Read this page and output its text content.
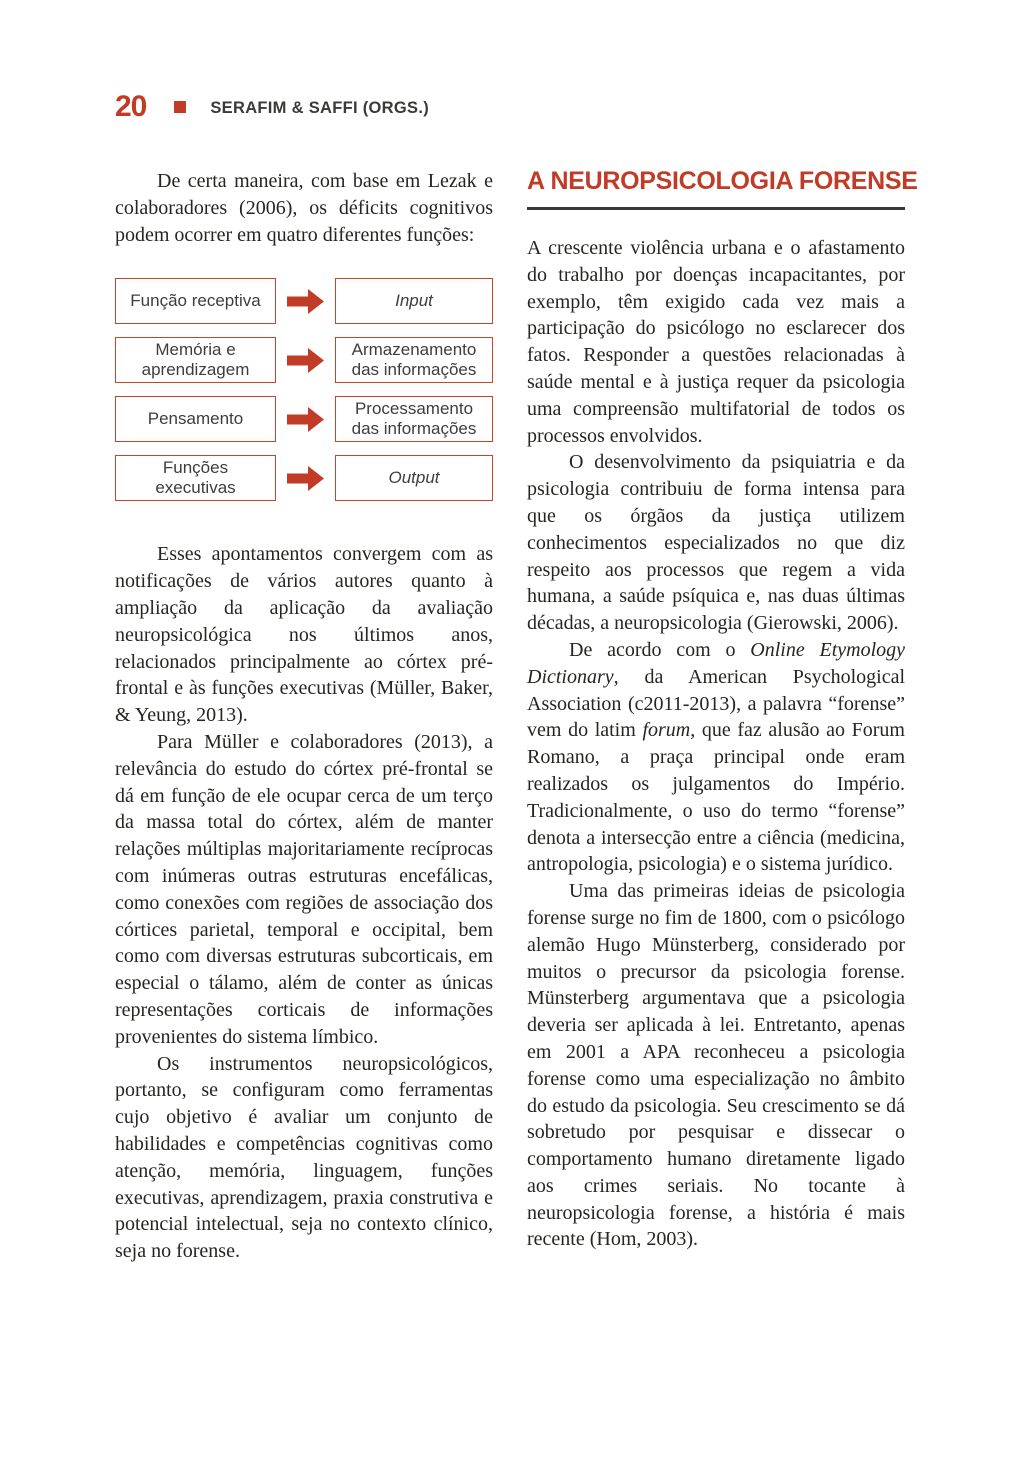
20	SERAFIM & SAFFI (ORGS.)

De certa maneira, com base em Lezak e colaboradores (2006), os déficits cognitivos podem ocorrer em quatro diferentes funções:

Função receptiva	Input
Memória e aprendizagem
Armazenamento das informações
Pensamento
Processamento das informações
Funções executivas
Output

Esses apontamentos convergem com as notificações de vários autores quanto à ampliação da aplicação da avaliação neuropsicológica nos últimos anos, relacionados principalmente ao córtex pré-frontal e às funções executivas (Müller, Baker, & Yeung, 2013).

Para Müller e colaboradores (2013), a relevância do estudo do córtex pré-frontal se dá em função de ele ocupar cerca de um terço da massa total do córtex, além de manter relações múltiplas majoritariamente recíprocas com inúmeras outras estruturas encefálicas, como conexões com regiões de associação dos córtices parietal, temporal e occipital, bem como com diversas estruturas subcorticais, em especial o tálamo, além de conter as únicas representações corticais de informações provenientes do sistema límbico.

Os instrumentos neuropsicológicos, portanto, se configuram como ferramentas cujo objetivo é avaliar um conjunto de habilidades e competências cognitivas como atenção, memória, linguagem, funções executivas, aprendizagem, praxia construtiva e potencial intelectual, seja no contexto clínico, seja no forense.

A NEUROPSICOLOGIA FORENSE

A crescente violência urbana e o afastamento do trabalho por doenças incapacitantes, por exemplo, têm exigido cada vez mais a participação do psicólogo no esclarecer dos fatos. Responder a questões relacionadas à saúde mental e à justiça requer da psicologia uma compreensão multifatorial de todos os processos envolvidos.

O desenvolvimento da psiquiatria e da psicologia contribuiu de forma intensa para que os órgãos da justiça utilizem conhecimentos especializados no que diz respeito aos processos que regem a vida humana, a saúde psíquica e, nas duas últimas décadas, a neuropsicologia (Gierowski, 2006).

De acordo com o Online Etymology Dictionary, da American Psychological Association (c2011-2013), a palavra “forense” vem do latim forum, que faz alusão ao Forum Romano, a praça principal onde eram realizados os julgamentos do Império. Tradicionalmente, o uso do termo “forense” denota a intersecção entre a ciência (medicina, antropologia, psicologia) e o sistema jurídico.

Uma das primeiras ideias de psicologia forense surge no fim de 1800, com o psicólogo alemão Hugo Münsterberg, considerado por muitos o precursor da psicologia forense. Münsterberg argumentava que a psicologia deveria ser aplicada à lei. Entretanto, apenas em 2001 a APA reconheceu a psicologia forense como uma especialização no âmbito do estudo da psicologia. Seu crescimento se dá sobretudo por pesquisar e dissecar o comportamento humano diretamente ligado aos crimes seriais. No tocante à neuropsicologia forense, a história é mais recente (Hom, 2003).
